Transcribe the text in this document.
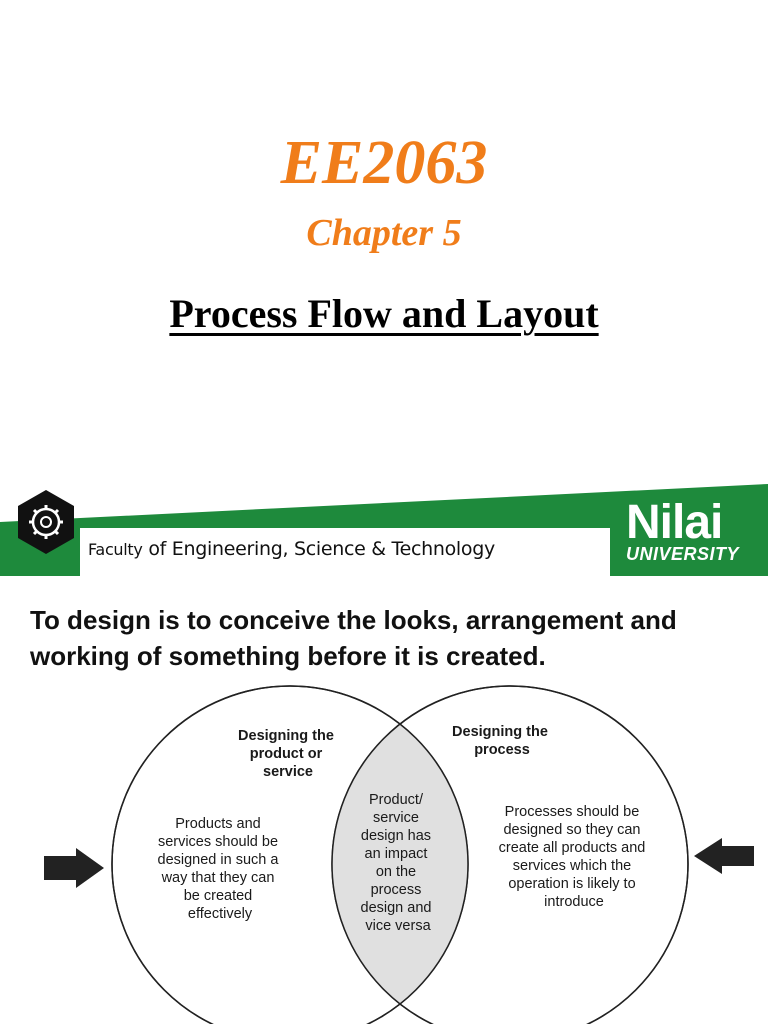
EE2063
Chapter 5
Process Flow and Layout
Faculty of Engineering, Science & Technology	Nilai
UNIVERSITY
To design is to conceive the looks, arrangement and working of something before it is created.
Designing the product or service
Designing the process
Products and services should be designed in such a way that they can be created effectively
Product/ service design has an impact on the process design and vice versa
Processes should be designed so they can create all products and services which the operation is likely to introduce
